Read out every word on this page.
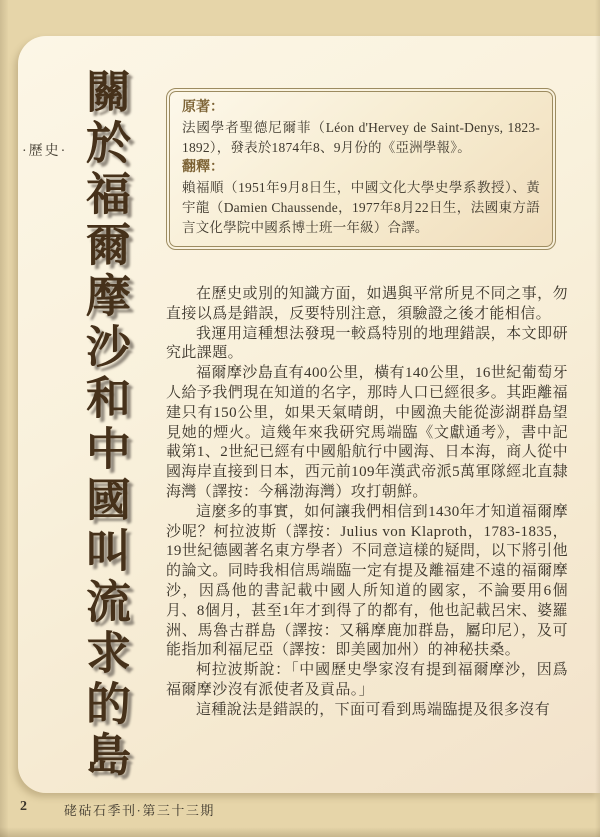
·歷史· 關於福爾摩沙和中國叫流求的島	原著：

法國學者聖德尼爾菲（Léon d'Hervey de Saint-Denys, 1823-1892），發表於1874年8、9月份的《亞洲學報》。

翻釋：

賴福順（1951年9月8日生，中國文化大學史學系教授）、黃宇龍（Damien Chaussende，1977年8月22日生，法國東方語言文化學院中國系博士班一年級）合譯。

在歷史或別的知識方面，如遇與平常所見不同之事，勿直接以爲是錯誤，反要特別注意，須驗證之後才能相信。

我運用這種想法發現一較爲特別的地理錯誤，本文即研究此課題。

福爾摩沙島直有400公里，橫有140公里，16世紀葡萄牙人給予我們現在知道的名字，那時人口已經很多。其距離福建只有150公里，如果天氣晴朗，中國漁夫能從澎湖群島望見她的煙火。這幾年來我研究馬端臨《文獻通考》，書中記載第1、2世紀已經有中國船航行中國海、日本海，商人從中國海岸直接到日本，西元前109年漢武帝派5萬軍隊經北直隸海灣（譯按：今稱渤海灣）攻打朝鮮。

這麼多的事實，如何讓我們相信到1430年才知道福爾摩沙呢？柯拉波斯（譯按：Julius von Klaproth，1783-1835，19世紀德國著名東方學者）不同意這樣的疑問，以下將引他的論文。同時我相信馬端臨一定有提及離福建不遠的福爾摩沙，因爲他的書記載中國人所知道的國家，不論要用6個月、8個月，甚至1年才到得了的都有，他也記載呂宋、婆羅洲、馬魯古群島（譯按：又稱摩鹿加群島，屬印尼），及可能指加利福尼亞（譯按：即美國加州）的神秘扶桑。

柯拉波斯說：「中國歷史學家沒有提到福爾摩沙，因爲福爾摩沙沒有派使者及貢品。」

這種說法是錯誤的，下面可看到馬端臨提及很多沒有

2	硓𥑮石季刊·第三十三期
